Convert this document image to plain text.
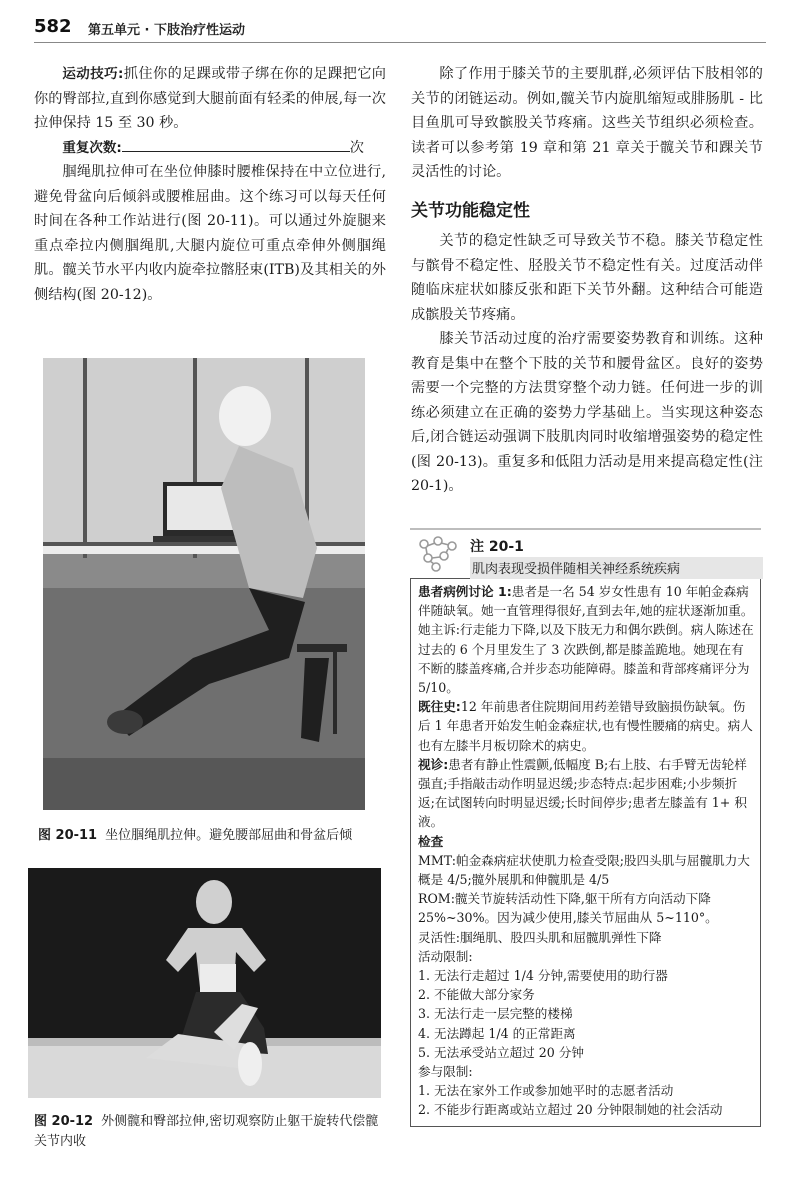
582 第五单元 · 下肢治疗性运动

运动技巧:抓住你的足踝或带子绑在你的足踝把它向你的臀部拉,直到你感觉到大腿前面有轻柔的伸展,每一次拉伸保持 15 至 30 秒。

重复次数:	次

腘绳肌拉伸可在坐位伸膝时腰椎保持在中立位进行,避免骨盆向后倾斜或腰椎屈曲。这个练习可以每天任何时间在各种工作站进行(图 20-11)。可以通过外旋腿来重点牵拉内侧腘绳肌,大腿内旋位可重点牵伸外侧腘绳肌。髋关节水平内收内旋牵拉髂胫束(ITB)及其相关的外侧结构(图 20-12)。

图 20-11 坐位腘绳肌拉伸。避免腰部屈曲和骨盆后倾
图 20-12 外侧髋和臀部拉伸,密切观察防止躯干旋转代偿髋关节内收

除了作用于膝关节的主要肌群,必须评估下肢相邻的关节的闭链运动。例如,髋关节内旋肌缩短或腓肠肌 - 比目鱼肌可导致髌股关节疼痛。这些关节组织必须检查。读者可以参考第 19 章和第 21 章关于髋关节和踝关节灵活性的讨论。

关节功能稳定性

关节的稳定性缺乏可导致关节不稳。膝关节稳定性与髌骨不稳定性、胫股关节不稳定性有关。过度活动伴随临床症状如膝反张和距下关节外翻。这种结合可能造成髌股关节疼痛。

膝关节活动过度的治疗需要姿势教育和训练。这种教育是集中在整个下肢的关节和腰骨盆区。良好的姿势需要一个完整的方法贯穿整个动力链。任何进一步的训练必须建立在正确的姿势力学基础上。当实现这种姿态后,闭合链运动强调下肢肌肉同时收缩增强姿势的稳定性(图 20-13)。重复多和低阻力活动是用来提高稳定性(注 20-1)。

注 20-1
肌肉表现受损伴随相关神经系统疾病

患者病例讨论 1:患者是一名 54 岁女性患有 10 年帕金森病伴随缺氧。她一直管理得很好,直到去年,她的症状逐渐加重。她主诉:行走能力下降,以及下肢无力和偶尔跌倒。病人陈述在过去的 6 个月里发生了 3 次跌倒,都是膝盖跪地。她现在有不断的膝盖疼痛,合并步态功能障碍。膝盖和背部疼痛评分为 5/10。

既往史:12 年前患者住院期间用药差错导致脑损伤缺氧。伤后 1 年患者开始发生帕金森症状,也有慢性腰痛的病史。病人也有左膝半月板切除术的病史。

视诊:患者有静止性震颤,低幅度 B;右上肢、右手臂无齿轮样强直;手指敲击动作明显迟缓;步态特点:起步困难;小步频折返;在试图转向时明显迟缓;长时间停步;患者左膝盖有 1+ 积液。

检查

MMT:帕金森病症状使肌力检查受限;股四头肌与屈髋肌力大概是 4/5;髋外展肌和伸髋肌是 4/5

ROM:髋关节旋转活动性下降,躯干所有方向活动下降 25%~30%。因为减少使用,膝关节屈曲从 5~110°。

灵活性:腘绳肌、股四头肌和屈髋肌弹性下降

活动限制:

1. 无法行走超过 1/4 分钟,需要使用的助行器
2. 不能做大部分家务
3. 无法行走一层完整的楼梯
4. 无法蹲起 1/4 的正常距离
5. 无法承受站立超过 20 分钟

参与限制:

1. 无法在家外工作或参加她平时的志愿者活动
2. 不能步行距离或站立超过 20 分钟限制她的社会活动
